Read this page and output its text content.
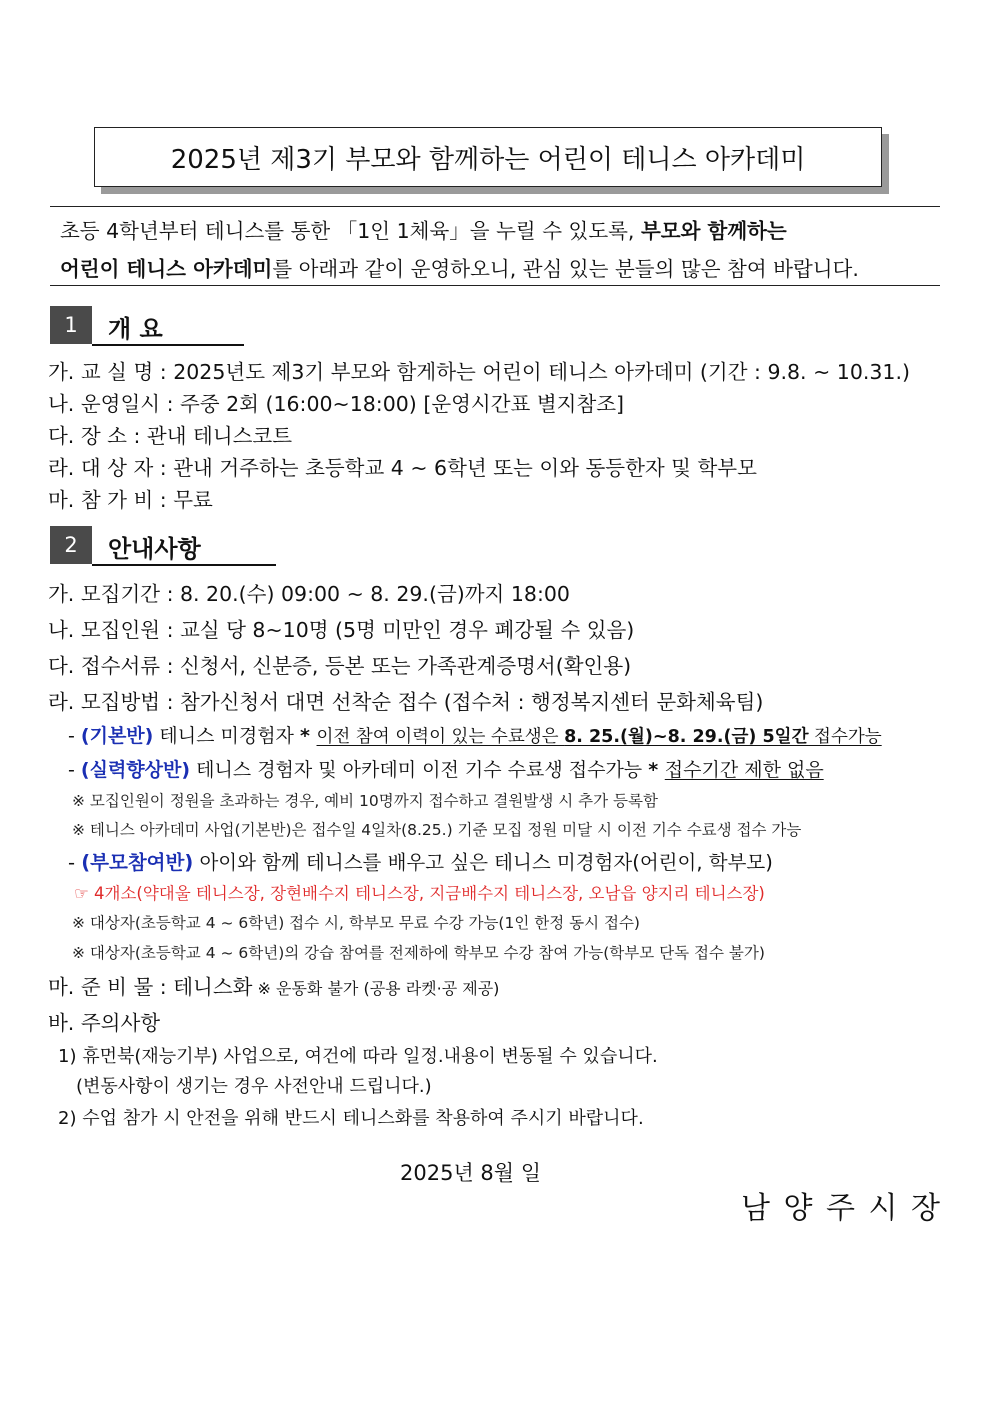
2025년 제3기 부모와 함께하는 어린이 테니스 아카데미
초등 4학년부터 테니스를 통한 「1인 1체육」을 누릴 수 있도록, 부모와 함께하는
어린이 테니스 아카데미를 아래과 같이 운영하오니, 관심 있는 분들의 많은 참여 바랍니다.
1	개 요
가. 교 실 명 : 2025년도 제3기 부모와 함게하는 어린이 테니스 아카데미 (기간 : 9.8. ~ 10.31.)
나. 운영일시 : 주중 2회 (16:00~18:00) [운영시간표 별지참조]
다. 장 소 : 관내 테니스코트
라. 대 상 자 : 관내 거주하는 초등학교 4 ~ 6학년 또는 이와 동등한자 및 학부모
마. 참 가 비 : 무료
2	안내사항
가. 모집기간 : 8. 20.(수) 09:00 ~ 8. 29.(금)까지 18:00
나. 모집인원 : 교실 당 8~10명 (5명 미만인 경우 폐강될 수 있음)
다. 접수서류 : 신청서, 신분증, 등본 또는 가족관계증명서(확인용)
라. 모집방법 : 참가신청서 대면 선착순 접수 (접수처 : 행정복지센터 문화체육팀)
- (기본반) 테니스 미경험자 * 이전 참여 이력이 있는 수료생은 8. 25.(월)~8. 29.(금) 5일간 접수가능
- (실력향상반) 테니스 경험자 및 아카데미 이전 기수 수료생 접수가능 * 접수기간 제한 없음
※ 모집인원이 정원을 초과하는 경우, 예비 10명까지 접수하고 결원발생 시 추가 등록함
※ 테니스 아카데미 사업(기본반)은 접수일 4일차(8.25.) 기준 모집 정원 미달 시 이전 기수 수료생 접수 가능
- (부모참여반) 아이와 함께 테니스를 배우고 싶은 테니스 미경험자(어린이, 학부모)
☞ 4개소(약대울 테니스장, 장현배수지 테니스장, 지금배수지 테니스장, 오남읍 양지리 테니스장)
※ 대상자(초등학교 4 ~ 6학년) 접수 시, 학부모 무료 수강 가능(1인 한정 동시 접수)
※ 대상자(초등학교 4 ~ 6학년)의 강습 참여를 전제하에 학부모 수강 참여 가능(학부모 단독 접수 불가)
마. 준 비 물 : 테니스화 ※ 운동화 불가 (공용 라켓·공 제공)
바. 주의사항
1) 휴먼북(재능기부) 사업으로, 여건에 따라 일정.내용이 변동될 수 있습니다.
(변동사항이 생기는 경우 사전안내 드립니다.)
2) 수업 참가 시 안전을 위해 반드시 테니스화를 착용하여 주시기 바랍니다.
2025년 8월 일
남 양 주 시 장
